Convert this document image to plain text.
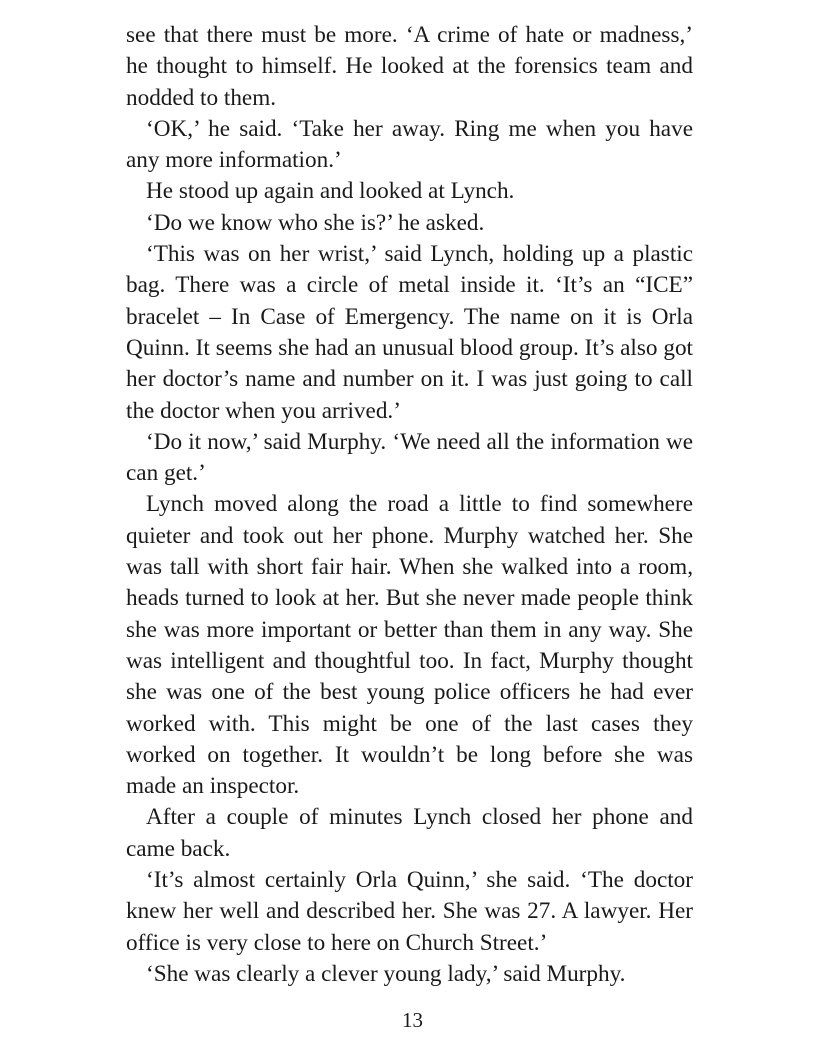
see that there must be more. ‘A crime of hate or madness,’ he thought to himself. He looked at the forensics team and nodded to them.

‘OK,’ he said. ‘Take her away. Ring me when you have any more information.’

He stood up again and looked at Lynch.

‘Do we know who she is?’ he asked.

‘This was on her wrist,’ said Lynch, holding up a plastic bag. There was a circle of metal inside it. ‘It’s an “ICE” bracelet – In Case of Emergency. The name on it is Orla Quinn. It seems she had an unusual blood group. It’s also got her doctor’s name and number on it. I was just going to call the doctor when you arrived.’

‘Do it now,’ said Murphy. ‘We need all the information we can get.’

Lynch moved along the road a little to find somewhere quieter and took out her phone. Murphy watched her. She was tall with short fair hair. When she walked into a room, heads turned to look at her. But she never made people think she was more important or better than them in any way. She was intelligent and thoughtful too. In fact, Murphy thought she was one of the best young police officers he had ever worked with. This might be one of the last cases they worked on together. It wouldn’t be long before she was made an inspector.

After a couple of minutes Lynch closed her phone and came back.

‘It’s almost certainly Orla Quinn,’ she said. ‘The doctor knew her well and described her. She was 27. A lawyer. Her office is very close to here on Church Street.’

‘She was clearly a clever young lady,’ said Murphy.

13
